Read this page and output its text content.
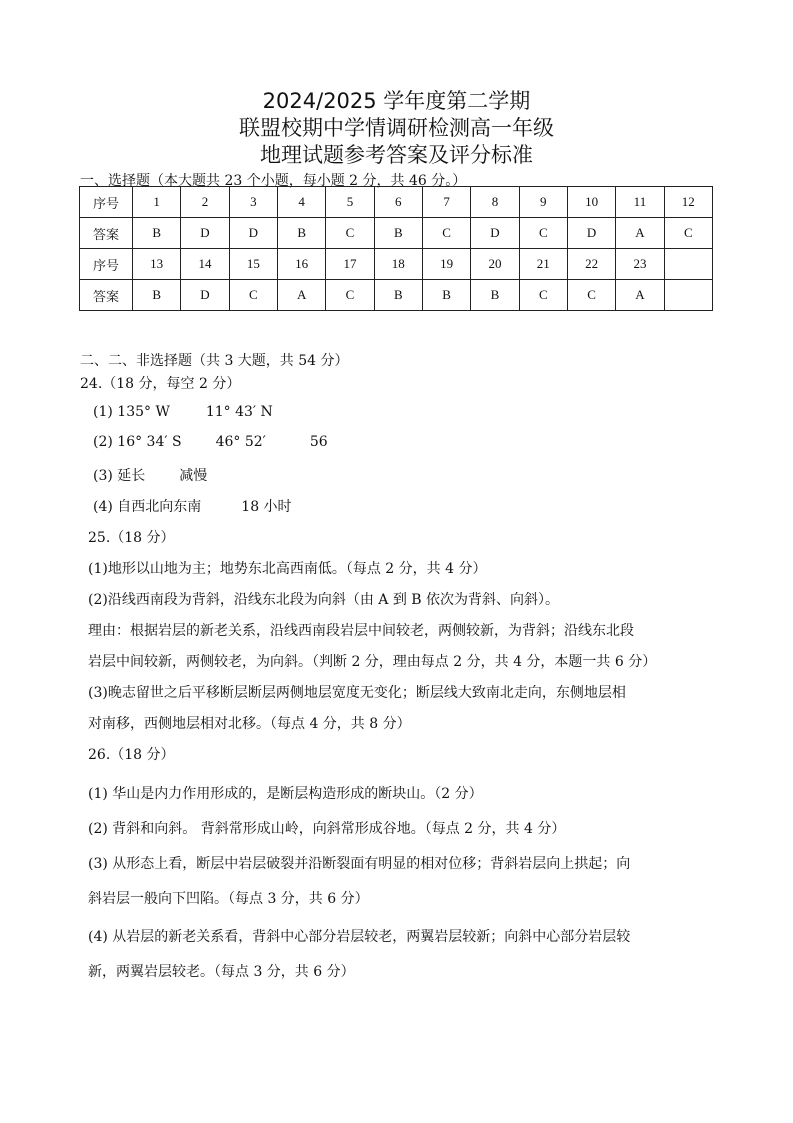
2024/2025 学年度第二学期
联盟校期中学情调研检测高一年级
地理试题参考答案及评分标准
一、选择题（本大题共 23 个小题，每小题 2 分，共 46 分。）
序号	1	2	3	4	5	6	7	8	9	10	11	12
答案	B	D	D	B	C	B	C	D	C	D	A	C
序号	13	14	15	16	17	18	19	20	21	22	23	
答案	B	D	C	A	C	B	B	B	C	C	A	
二、二、非选择题（共 3 大题，共 54 分）
24.（18 分，每空 2 分）
(1) 135° W	11° 43′ N
(2) 16° 34′ S 46° 52′	56
(3) 延长 减慢
(4) 自西北向东南	18 小时
25.（18 分）
(1)地形以山地为主；地势东北高西南低。（每点 2 分，共 4 分）
(2)沿线西南段为背斜，沿线东北段为向斜（由 A 到 B 依次为背斜、向斜）。
理由：根据岩层的新老关系，沿线西南段岩层中间较老，两侧较新，为背斜；沿线东北段
岩层中间较新，两侧较老，为向斜。（判断 2 分，理由每点 2 分，共 4 分，本题一共 6 分）
(3)晚志留世之后平移断层断层两侧地层宽度无变化；断层线大致南北走向，东侧地层相
对南移，西侧地层相对北移。（每点 4 分，共 8 分）
26.（18 分）
(1) 华山是内力作用形成的，是断层构造形成的断块山。（2 分）
(2) 背斜和向斜。 背斜常形成山岭，向斜常形成谷地。（每点 2 分，共 4 分）
(3) 从形态上看，断层中岩层破裂并沿断裂面有明显的相对位移；背斜岩层向上拱起；向
斜岩层一般向下凹陷。（每点 3 分，共 6 分）
(4) 从岩层的新老关系看，背斜中心部分岩层较老，两翼岩层较新；向斜中心部分岩层较
新，两翼岩层较老。（每点 3 分，共 6 分）
